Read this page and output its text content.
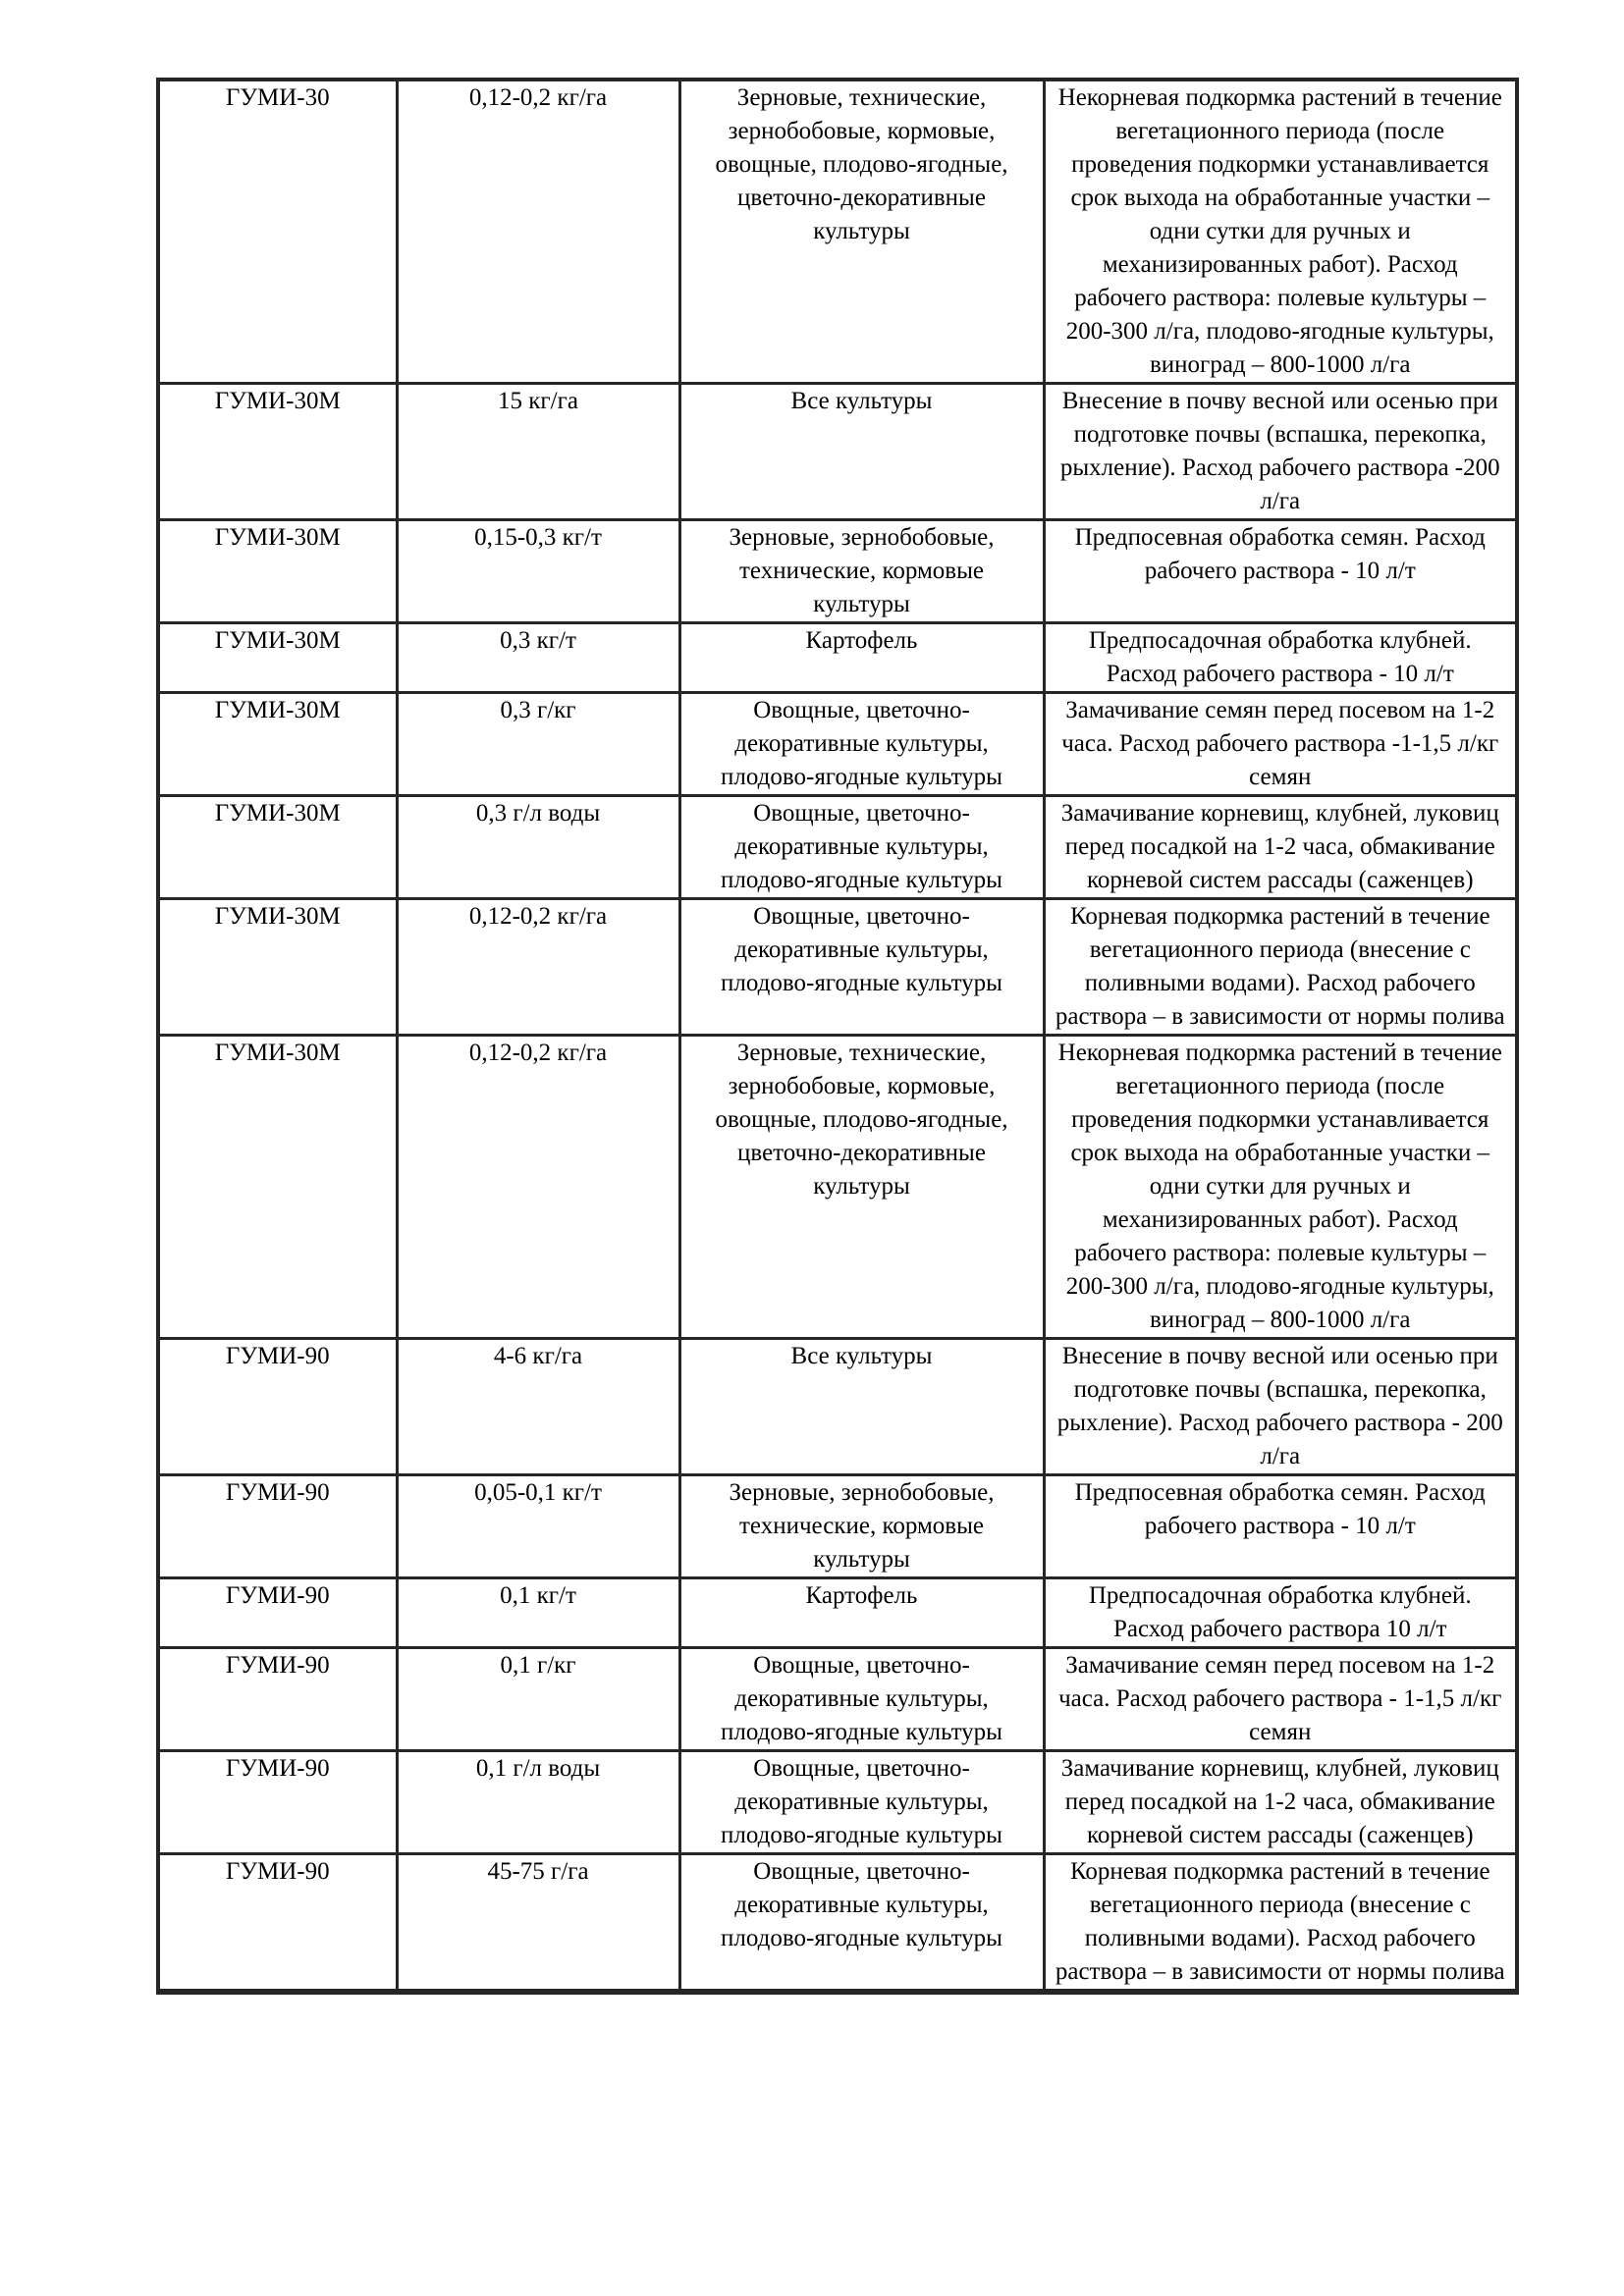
ГУМИ-30	0,12-0,2 кг/га	Зерновые, технические, зернобобовые, кормовые, овощные, плодово-ягодные, цветочно-декоративные культуры	Некорневая подкормка растений в течение вегетационного периода (после проведения подкормки устанавливается срок выхода на обработанные участки – одни сутки для ручных и механизированных работ). Расход рабочего раствора: полевые культуры – 200-300 л/га, плодово-ягодные культуры, виноград – 800-1000 л/га
ГУМИ-30М	15 кг/га	Все культуры	Внесение в почву весной или осенью при подготовке почвы (вспашка, перекопка, рыхление). Расход рабочего раствора -200 л/га
ГУМИ-30М	0,15-0,3 кг/т	Зерновые, зернобобовые, технические, кормовые культуры	Предпосевная обработка семян. Расход рабочего раствора - 10 л/т
ГУМИ-30М	0,3 кг/т	Картофель	Предпосадочная обработка клубней. Расход рабочего раствора - 10 л/т
ГУМИ-30М	0,3 г/кг	Овощные, цветочно-декоративные культуры, плодово-ягодные культуры	Замачивание семян перед посевом на 1-2 часа. Расход рабочего раствора -1-1,5 л/кг семян
ГУМИ-30М	0,3 г/л воды	Овощные, цветочно-декоративные культуры, плодово-ягодные культуры	Замачивание корневищ, клубней, луковиц перед посадкой на 1-2 часа, обмакивание корневой систем рассады (саженцев)
ГУМИ-30М	0,12-0,2 кг/га	Овощные, цветочно-декоративные культуры, плодово-ягодные культуры	Корневая подкормка растений в течение вегетационного периода (внесение с поливными водами). Расход рабочего раствора – в зависимости от нормы полива
ГУМИ-30М	0,12-0,2 кг/га	Зерновые, технические, зернобобовые, кормовые, овощные, плодово-ягодные, цветочно-декоративные культуры	Некорневая подкормка растений в течение вегетационного периода (после проведения подкормки устанавливается срок выхода на обработанные участки – одни сутки для ручных и механизированных работ). Расход рабочего раствора: полевые культуры – 200-300 л/га, плодово-ягодные культуры, виноград – 800-1000 л/га
ГУМИ-90	4-6 кг/га	Все культуры	Внесение в почву весной или осенью при подготовке почвы (вспашка, перекопка, рыхление). Расход рабочего раствора - 200 л/га
ГУМИ-90	0,05-0,1 кг/т	Зерновые, зернобобовые, технические, кормовые культуры	Предпосевная обработка семян. Расход рабочего раствора - 10 л/т
ГУМИ-90	0,1 кг/т	Картофель	Предпосадочная обработка клубней. Расход рабочего раствора 10 л/т
ГУМИ-90	0,1 г/кг	Овощные, цветочно-декоративные культуры, плодово-ягодные культуры	Замачивание семян перед посевом на 1-2 часа. Расход рабочего раствора - 1-1,5 л/кг семян
ГУМИ-90	0,1 г/л воды	Овощные, цветочно-декоративные культуры, плодово-ягодные культуры	Замачивание корневищ, клубней, луковиц перед посадкой на 1-2 часа, обмакивание корневой систем рассады (саженцев)
ГУМИ-90	45-75 г/га	Овощные, цветочно-декоративные культуры, плодово-ягодные культуры	Корневая подкормка растений в течение вегетационного периода (внесение с поливными водами). Расход рабочего раствора – в зависимости от нормы полива
